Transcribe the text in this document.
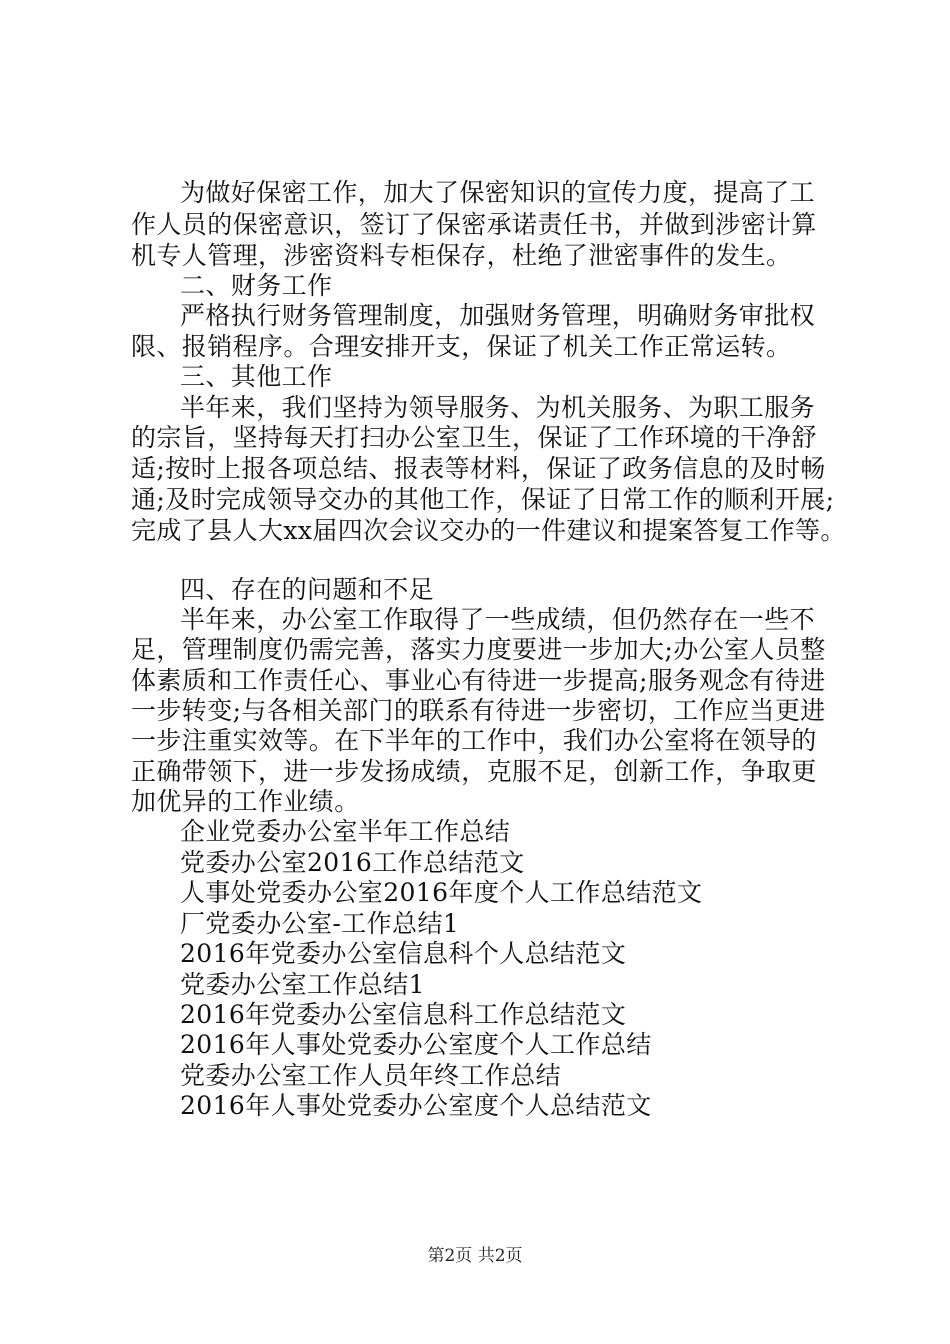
为做好保密工作，加大了保密知识的宣传力度，提高了工
作人员的保密意识，签订了保密承诺责任书，并做到涉密计算
机专人管理，涉密资料专柜保存，杜绝了泄密事件的发生。
二、财务工作
严格执行财务管理制度，加强财务管理，明确财务审批权
限、报销程序。合理安排开支，保证了机关工作正常运转。
三、其他工作
半年来，我们坚持为领导服务、为机关服务、为职工服务
的宗旨，坚持每天打扫办公室卫生，保证了工作环境的干净舒
适;按时上报各项总结、报表等材料，保证了政务信息的及时畅
通;及时完成领导交办的其他工作，保证了日常工作的顺利开展;
完成了县人大xx届四次会议交办的一件建议和提案答复工作等。
四、存在的问题和不足
半年来，办公室工作取得了一些成绩，但仍然存在一些不
足，管理制度仍需完善，落实力度要进一步加大;办公室人员整
体素质和工作责任心、事业心有待进一步提高;服务观念有待进
一步转变;与各相关部门的联系有待进一步密切，工作应当更进
一步注重实效等。在下半年的工作中，我们办公室将在领导的
正确带领下，进一步发扬成绩，克服不足，创新工作，争取更
加优异的工作业绩。
企业党委办公室半年工作总结
党委办公室2016工作总结范文
人事处党委办公室2016年度个人工作总结范文
厂党委办公室-工作总结1
2016年党委办公室信息科个人总结范文
党委办公室工作总结1
2016年党委办公室信息科工作总结范文
2016年人事处党委办公室度个人工作总结
党委办公室工作人员年终工作总结
2016年人事处党委办公室度个人总结范文
第2页 共2页
